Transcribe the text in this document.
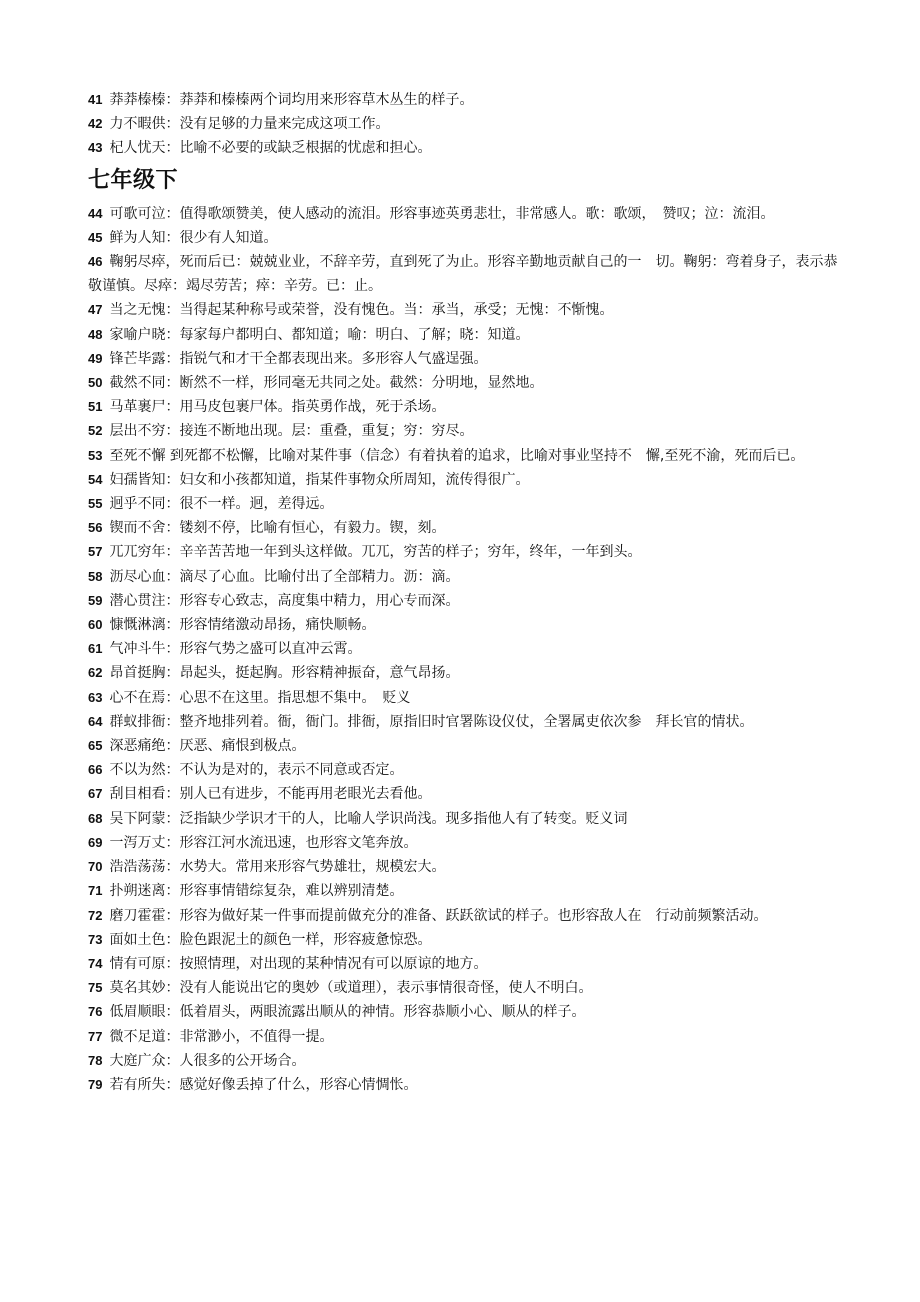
41 莽莽榛榛：莽莽和榛榛两个词均用来形容草木丛生的样子。

42 力不暇供：没有足够的力量来完成这项工作。

43 杞人忧天：比喻不必要的或缺乏根据的忧虑和担心。

七年级下

44 可歌可泣：值得歌颂赞美，使人感动的流泪。形容事迹英勇悲壮，非常感人。歌：歌颂，　赞叹；泣：流泪。

45 鲜为人知：很少有人知道。

46 鞠躬尽瘁，死而后已：兢兢业业，不辞辛劳，直到死了为止。形容辛勤地贡献自己的一　切。鞠躬：弯着身子，表示恭敬谨慎。尽瘁：竭尽劳苦；瘁：辛劳。已：止。

47 当之无愧：当得起某种称号或荣誉，没有愧色。当：承当，承受；无愧：不惭愧。

48 家喻户晓：每家每户都明白、都知道；喻：明白、了解；晓：知道。

49 锋芒毕露：指锐气和才干全都表现出来。多形容人气盛逞强。

50 截然不同：断然不一样，形同毫无共同之处。截然：分明地，显然地。

51 马革裹尸：用马皮包裹尸体。指英勇作战，死于杀场。

52 层出不穷：接连不断地出现。层：重叠，重复；穷：穷尽。

53 至死不懈 到死都不松懈，比喻对某件事（信念）有着执着的追求，比喻对事业坚持不　懈,至死不渝，死而后已。

54 妇孺皆知：妇女和小孩都知道，指某件事物众所周知，流传得很广。

55 迥乎不同：很不一样。迥，差得远。

56 锲而不舍：镂刻不停，比喻有恒心，有毅力。锲，刻。

57 兀兀穷年：辛辛苦苦地一年到头这样做。兀兀，穷苦的样子；穷年，终年，一年到头。

58 沥尽心血：滴尽了心血。比喻付出了全部精力。沥：滴。

59 潜心贯注：形容专心致志，高度集中精力，用心专而深。

60 慷慨淋漓：形容情绪激动昂扬，痛快顺畅。

61 气冲斗牛：形容气势之盛可以直冲云霄。

62 昂首挺胸：昂起头，挺起胸。形容精神振奋，意气昂扬。

63 心不在焉：心思不在这里。指思想不集中。　贬义

64 群蚁排衙：整齐地排列着。衙，衙门。排衙，原指旧时官署陈设仪仗，全署属吏依次参　拜长官的情状。

65 深恶痛绝：厌恶、痛恨到极点。

66 不以为然：不认为是对的，表示不同意或否定。

67 刮目相看：别人已有进步，不能再用老眼光去看他。

68 吴下阿蒙：泛指缺少学识才干的人，比喻人学识尚浅。现多指他人有了转变。贬义词

69 一泻万丈：形容江河水流迅速，也形容文笔奔放。

70 浩浩荡荡：水势大。常用来形容气势雄壮，规模宏大。

71 扑朔迷离：形容事情错综复杂，难以辨别清楚。

72 磨刀霍霍：形容为做好某一件事而提前做充分的准备、跃跃欲试的样子。也形容敌人在　行动前频繁活动。

73 面如土色：脸色跟泥土的颜色一样，形容疲惫惊恐。

74 情有可原：按照情理，对出现的某种情况有可以原谅的地方。

75 莫名其妙：没有人能说出它的奥妙（或道理），表示事情很奇怪，使人不明白。

76 低眉顺眼：低着眉头，两眼流露出顺从的神情。形容恭顺小心、顺从的样子。

77 微不足道：非常渺小，不值得一提。

78 大庭广众：人很多的公开场合。

79 若有所失：感觉好像丢掉了什么，形容心情惆怅。
